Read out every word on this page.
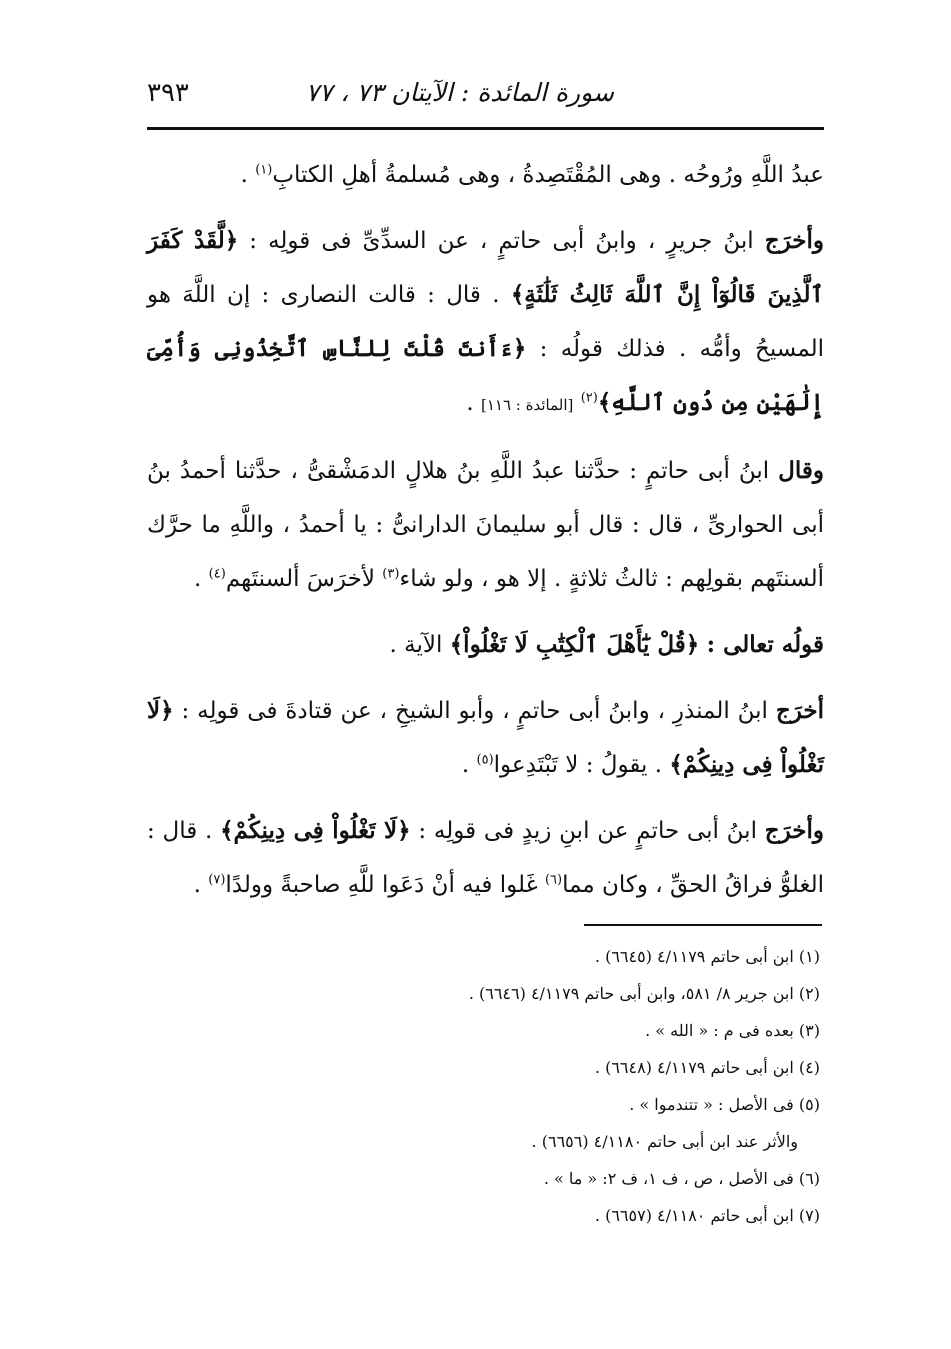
سورة المائدة : الآيتان ٧٣ ، ٧٧
٣٩٣

عبدُ اللَّهِ ورُوحُه . وهى المُقْتَصِدةُ ، وهى مُسلمةُ أهلِ الكتابِ$^{(١)}$ .

وأخرَج ابنُ جريرٍ ، وابنُ أبى حاتمٍ ، عن السدِّىِّ فى قولِه : ﴿لَّقَدْ كَفَرَ ٱلَّذِينَ قَالُوٓاْ إِنَّ ٱللَّهَ ثَالِثُ ثَلَٰثَةٍ﴾ . قال : قالت النصارى : إن اللَّهَ هو المسيحُ وأمُّه . فذلك قولُه : ﴿ءَأَنتَ قُلْتَ لِلنَّاسِ ٱتَّخِذُونِى وَأُمِّىَ إِلَٰهَيْنِ مِن دُونِ ٱللَّهِ﴾$^{(٢)}$ [المائدة : ١١٦] .

وقال ابنُ أبى حاتمٍ : حدَّثنا عبدُ اللَّهِ بنُ هلالٍ الدمَشْقىُّ ، حدَّثنا أحمدُ بنُ أبى الحوارىِّ ، قال : قال أبو سليمانَ الدارانىُّ : يا أحمدُ ، واللَّهِ ما حرَّك ألسنتَهم بقولِهم : ثالثُ ثلاثةٍ . إلا هو ، ولو شاء$^{(٣)}$ لأخرَسَ ألسنتَهم$^{(٤)}$ .

قولُه تعالى : ﴿قُلْ يَٰٓأَهْلَ ٱلْكِتَٰبِ لَا تَغْلُواْ﴾ الآية .

أخرَج ابنُ المنذرِ ، وابنُ أبى حاتمٍ ، وأبو الشيخِ ، عن قتادةَ فى قولِه : ﴿لَا تَغْلُواْ فِى دِينِكُمْ﴾ . يقولُ : لا تَبْتَدِعوا$^{(٥)}$ .

وأخرَج ابنُ أبى حاتمٍ عن ابنِ زيدٍ فى قولِه : ﴿لَا تَغْلُواْ فِى دِينِكُمْ﴾ . قال : الغلوُّ فراقُ الحقِّ ، وكان مما$^{(٦)}$ غَلوا فيه أنْ دَعَوا للَّهِ صاحبةً وولدًا$^{(٧)}$ .

(١) ابن أبى حاتم ٤/١١٧٩ (٦٦٤٥) .
(٢) ابن جرير ٨/ ٥٨١، وابن أبى حاتم ٤/١١٧٩ (٦٦٤٦) .
(٣) بعده فى م : « الله » .
(٤) ابن أبى حاتم ٤/١١٧٩ (٦٦٤٨) .
(٥) فى الأصل : « تتندموا » .
والأثر عند ابن أبى حاتم ٤/١١٨٠ (٦٦٥٦) .
(٦) فى الأصل ، ص ، ف ١، ف ٢: « ما » .
(٧) ابن أبى حاتم ٤/١١٨٠ (٦٦٥٧) .
